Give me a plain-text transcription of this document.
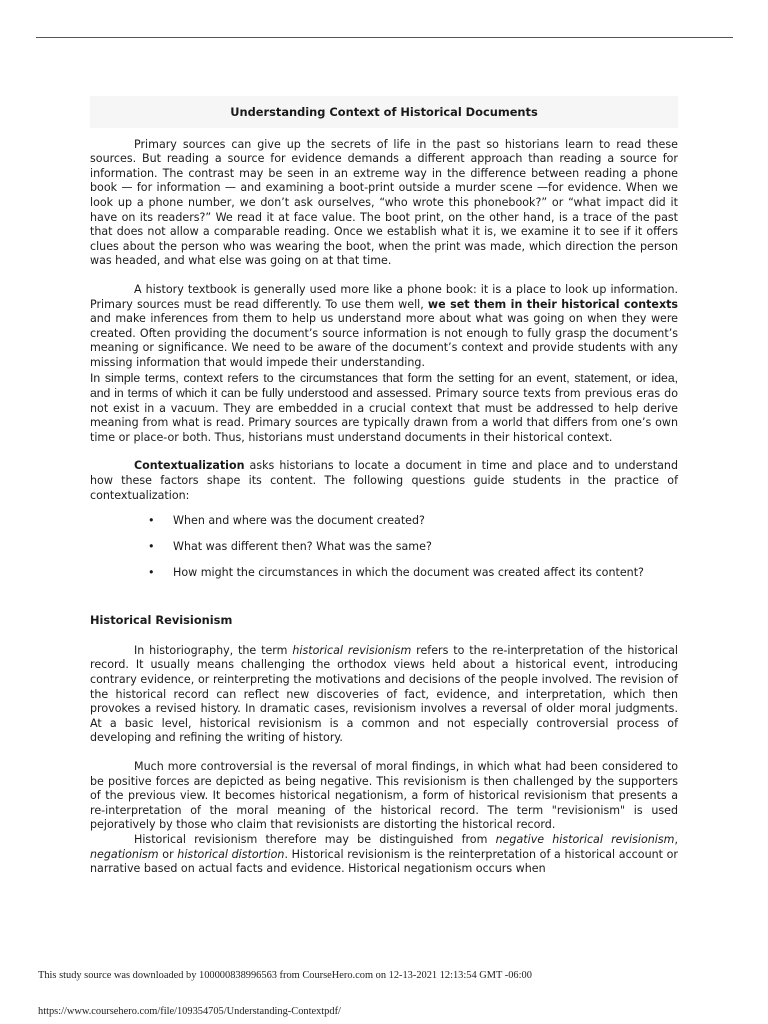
Understanding Context of Historical Documents

Primary sources can give up the secrets of life in the past so historians learn to read these sources. But reading a source for evidence demands a different approach than reading a source for information. The contrast may be seen in an extreme way in the difference between reading a phone book — for information — and examining a boot-print outside a murder scene —for evidence. When we look up a phone number, we don’t ask ourselves, “who wrote this phonebook?” or “what impact did it have on its readers?” We read it at face value. The boot print, on the other hand, is a trace of the past that does not allow a comparable reading. Once we establish what it is, we examine it to see if it offers clues about the person who was wearing the boot, when the print was made, which direction the person was headed, and what else was going on at that time.

A history textbook is generally used more like a phone book: it is a place to look up information. Primary sources must be read differently. To use them well, we set them in their historical contexts and make inferences from them to help us understand more about what was going on when they were created. Often providing the document’s source information is not enough to fully grasp the document’s meaning or significance. We need to be aware of the document’s context and provide students with any missing information that would impede their understanding.

In simple terms, context refers to the circumstances that form the setting for an event, statement, or idea, and in terms of which it can be fully understood and assessed. Primary source texts from previous eras do not exist in a vacuum. They are embedded in a crucial context that must be addressed to help derive meaning from what is read. Primary sources are typically drawn from a world that differs from one’s own time or place-or both. Thus, historians must understand documents in their historical context.

Contextualization asks historians to locate a document in time and place and to understand how these factors shape its content. The following questions guide students in the practice of contextualization:

• When and where was the document created?
• What was different then? What was the same?
• How might the circumstances in which the document was created affect its content?
Historical Revisionism

In historiography, the term historical revisionism refers to the re-interpretation of the historical record. It usually means challenging the orthodox views held about a historical event, introducing contrary evidence, or reinterpreting the motivations and decisions of the people involved. The revision of the historical record can reflect new discoveries of fact, evidence, and interpretation, which then provokes a revised history. In dramatic cases, revisionism involves a reversal of older moral judgments. At a basic level, historical revisionism is a common and not especially controversial process of developing and refining the writing of history.

Much more controversial is the reversal of moral findings, in which what had been considered to be positive forces are depicted as being negative. This revisionism is then challenged by the supporters of the previous view. It becomes historical negationism, a form of historical revisionism that presents a re-interpretation of the moral meaning of the historical record. The term "revisionism" is used pejoratively by those who claim that revisionists are distorting the historical record.

Historical revisionism therefore may be distinguished from negative historical revisionism, negationism or historical distortion. Historical revisionism is the reinterpretation of a historical account or narrative based on actual facts and evidence. Historical negationism occurs when

This study source was downloaded by 100000838996563 from CourseHero.com on 12-13-2021 12:13:54 GMT -06:00
https://www.coursehero.com/file/109354705/Understanding-Contextpdf/
